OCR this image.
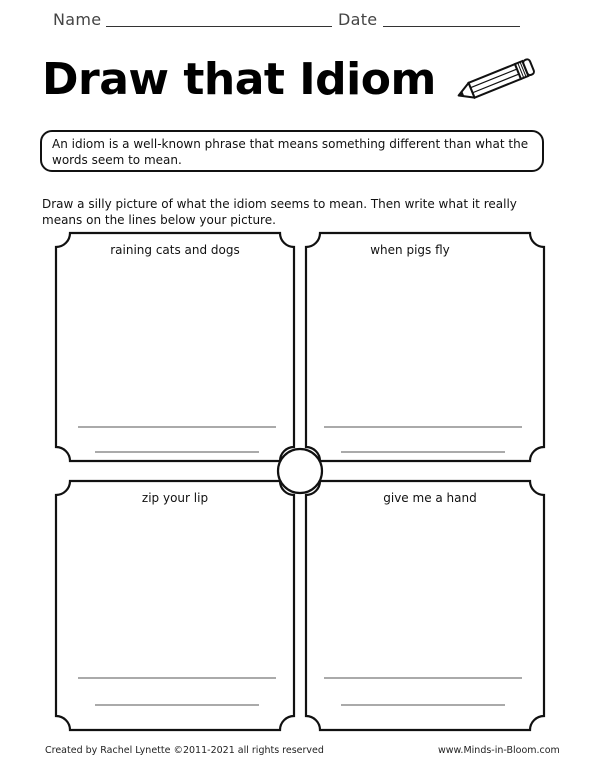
Name	Date
Draw that Idiom
An idiom is a well-known phrase that means something different than what the words seem to mean.
Draw a silly picture of what the idiom seems to mean. Then write what it really means on the lines below your picture.
raining cats and dogs	when pigs fly
zip your lip	give me a hand
Created by Rachel Lynette ©2011-2021 all rights reserved	www.Minds-in-Bloom.com
